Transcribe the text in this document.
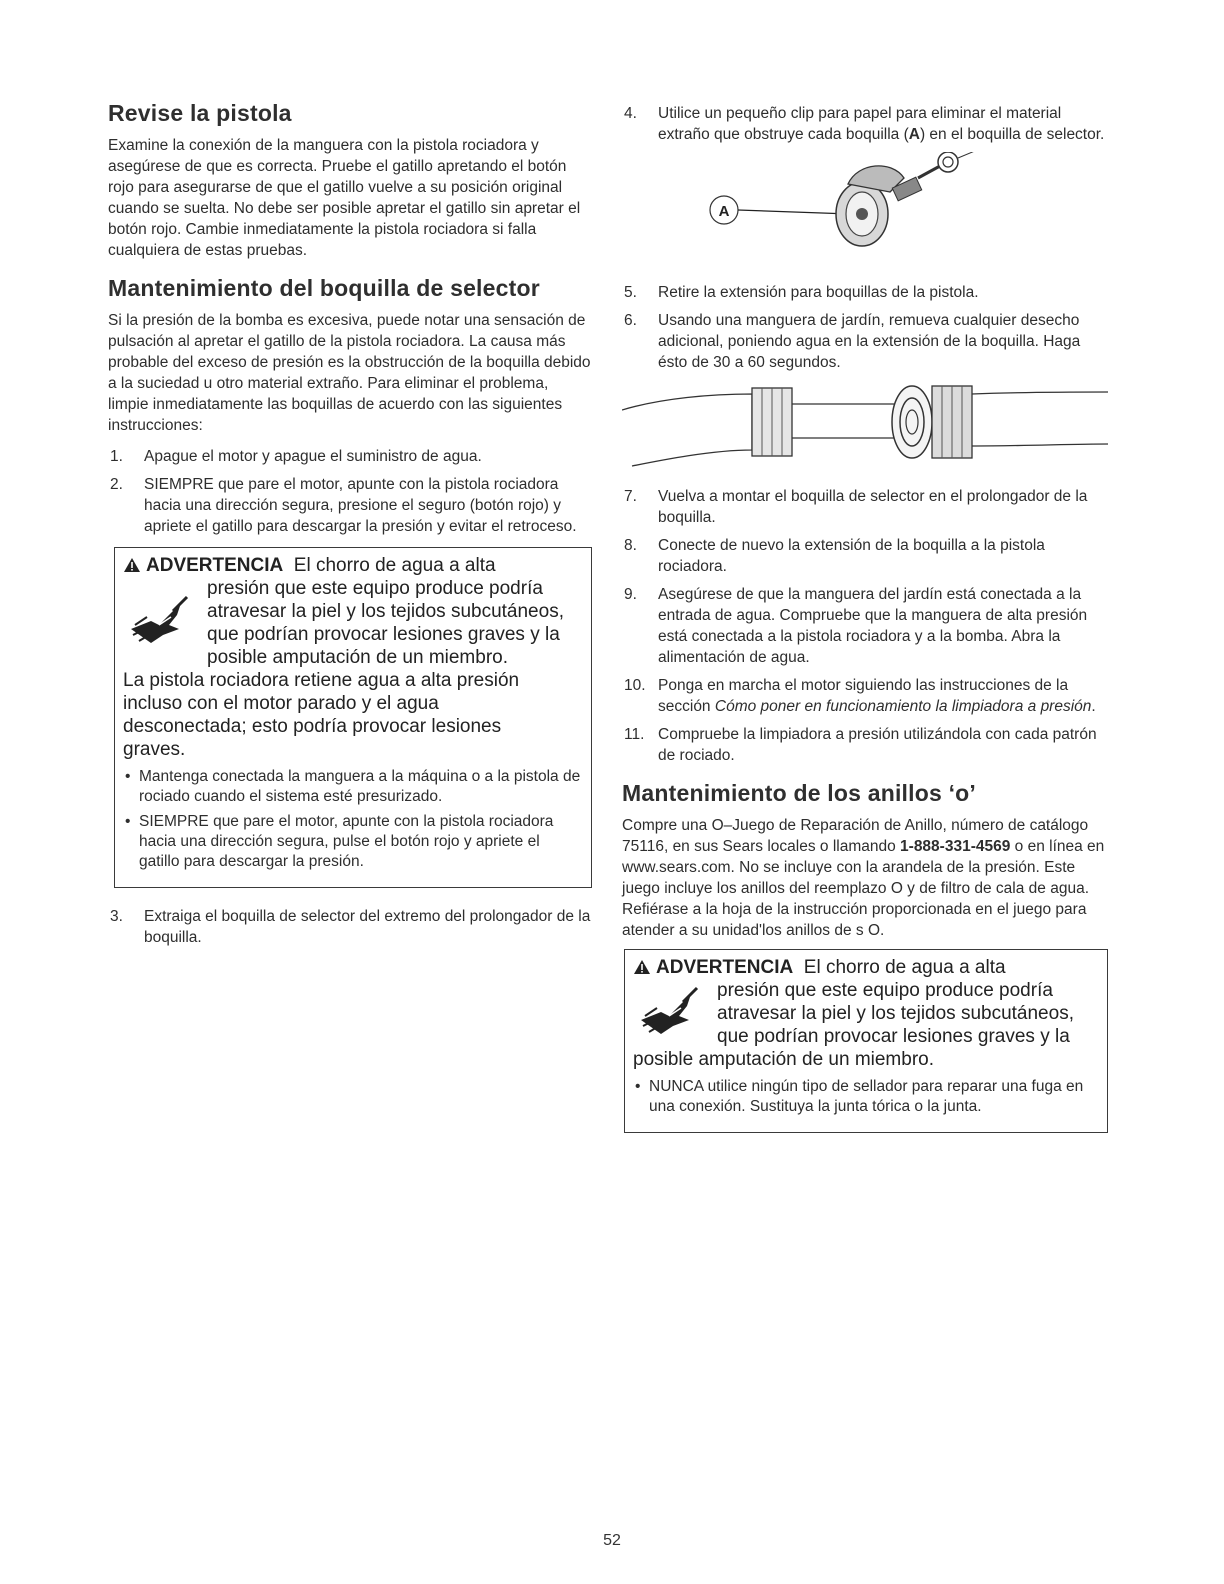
Revise la pistola

Examine la conexión de la manguera con la pistola rociadora y asegúrese de que es correcta. Pruebe el gatillo apretando el botón rojo para asegurarse de que el gatillo vuelve a su posición original cuando se suelta. No debe ser posible apretar el gatillo sin apretar el botón rojo. Cambie inmediatamente la pistola rociadora si falla cualquiera de estas pruebas.

Mantenimiento del boquilla de selector

Si la presión de la bomba es excesiva, puede notar una sensación de pulsación al apretar el gatillo de la pistola rociadora. La causa más probable del exceso de presión es la obstrucción de la boquilla debido a la suciedad u otro material extraño. Para eliminar el problema, limpie inmediatamente las boquillas de acuerdo con las siguientes instrucciones:

1. Apague el motor y apague el suministro de agua.
2. SIEMPRE que pare el motor, apunte con la pistola rociadora hacia una dirección segura, presione el seguro (botón rojo) y apriete el gatillo para descargar la presión y evitar el retroceso.
ADVERTENCIA El chorro de agua a alta
presión que este equipo produce podría
atravesar la piel y los tejidos subcutáneos,
que podrían provocar lesiones graves y la
posible amputación de un miembro.
La pistola rociadora retiene agua a alta presión incluso con el motor parado y el agua desconectada; esto podría provocar lesiones graves.
• Mantenga conectada la manguera a la máquina o a la pistola de rociado cuando el sistema esté presurizado.
• SIEMPRE que pare el motor, apunte con la pistola rociadora hacia una dirección segura, pulse el botón rojo y apriete el gatillo para descargar la presión.
3. Extraiga el boquilla de selector del extremo del prolongador de la boquilla.
4. Utilice un pequeño clip para papel para eliminar el material extraño que obstruye cada boquilla (A) en el boquilla de selector.
A
5. Retire la extensión para boquillas de la pistola.
6. Usando una manguera de jardín, remueva cualquier desecho adicional, poniendo agua en la extensión de la boquilla. Haga ésto de 30 a 60 segundos.
7. Vuelva a montar el boquilla de selector en el prolongador de la boquilla.
8. Conecte de nuevo la extensión de la boquilla a la pistola rociadora.
9. Asegúrese de que la manguera del jardín está conectada a la entrada de agua. Compruebe que la manguera de alta presión está conectada a la pistola rociadora y a la bomba. Abra la alimentación de agua.
10. Ponga en marcha el motor siguiendo las instrucciones de la sección Cómo poner en funcionamiento la limpiadora a presión.
11. Compruebe la limpiadora a presión utilizándola con cada patrón de rociado.
Mantenimiento de los anillos ‘o’

Compre una O–Juego de Reparación de Anillo, número de catálogo 75116, en sus Sears locales o llamando 1-888-331-4569 o en línea en www.sears.com. No se incluye con la arandela de la presión. Este juego incluye los anillos del reemplazo O y de filtro de cala de agua. Refiérase a la hoja de la instrucción proporcionada en el juego para atender a su unidad'los anillos de s O.

ADVERTENCIA El chorro de agua a alta
presión que este equipo produce podría
atravesar la piel y los tejidos subcutáneos,
que podrían provocar lesiones graves y la
posible amputación de un miembro.
• NUNCA utilice ningún tipo de sellador para reparar una fuga en una conexión. Sustituya la junta tórica o la junta.
52
